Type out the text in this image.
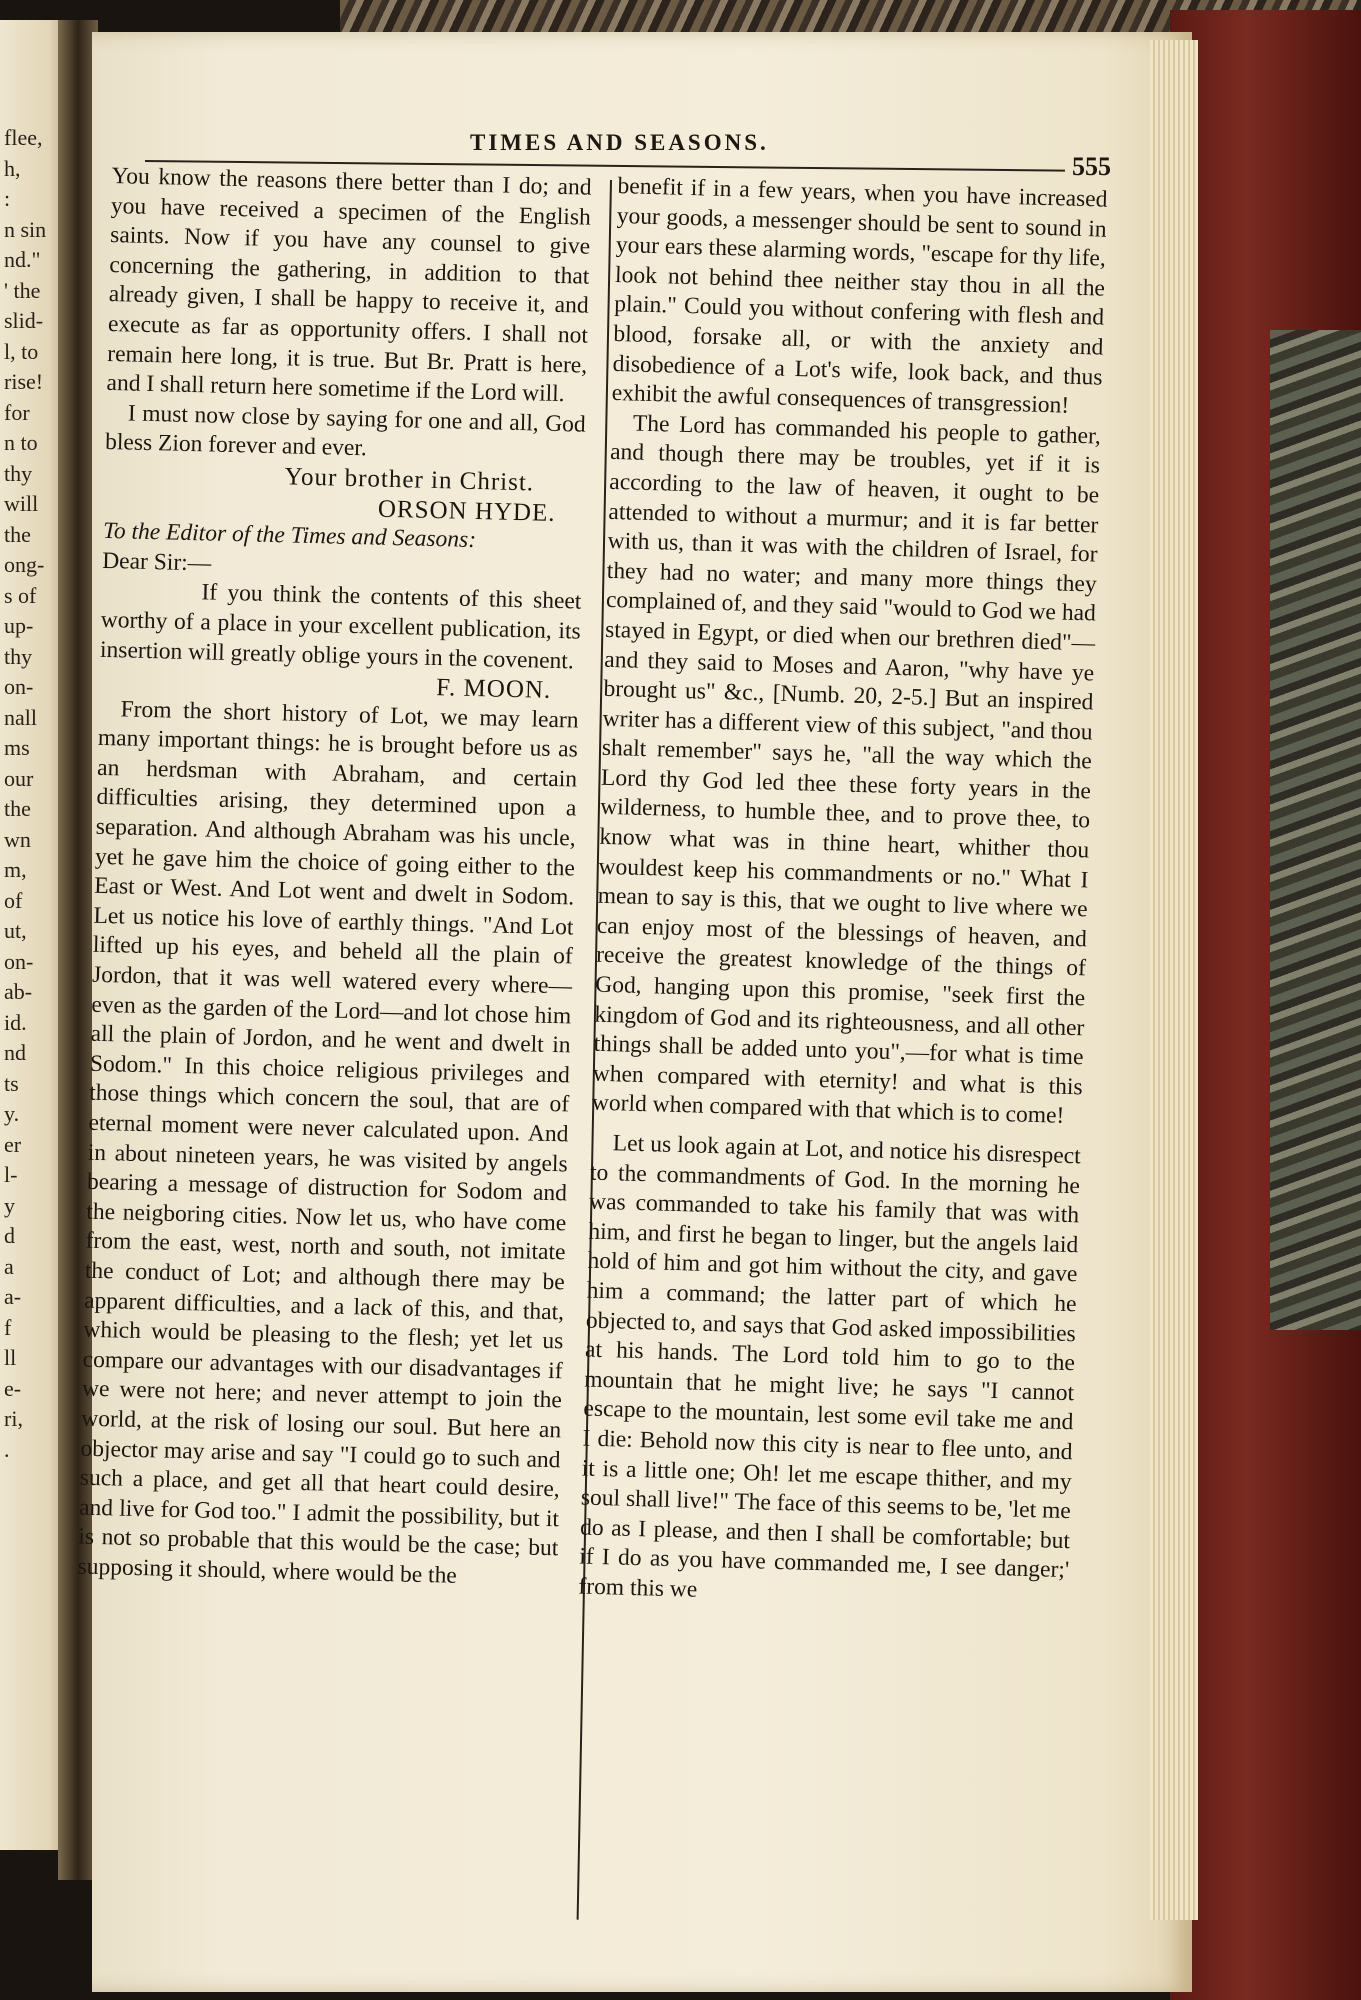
flee,
h,
:
n sin
nd."
' the
slid-
l, to
rise!
for
n to
thy
will
the
ong-
s of
up-
thy
on-
nall
ms
our
the
wn
m,
of
ut,
on-
ab-
id.
nd
ts
y.
er
l-
y
d
a
a-
f
ll
e-
ri,
.
TIMES AND SEASONS.
555

You know the reasons there better than I do; and you have received a specimen of the English saints. Now if you have any counsel to give concerning the gathering, in addition to that already given, I shall be happy to receive it, and execute as far as opportunity offers. I shall not remain here long, it is true. But Br. Pratt is here, and I shall return here sometime if the Lord will.

I must now close by saying for one and all, God bless Zion forever and ever.

Your brother in Christ.

ORSON HYDE.

To the Editor of the Times and Seasons:

Dear Sir:—

If you think the contents of this sheet worthy of a place in your excellent publication, its insertion will greatly oblige yours in the covenent.

F. MOON.

From the short history of Lot, we may learn many important things: he is brought before us as an herdsman with Abraham, and certain difficulties arising, they determined upon a separation. And although Abraham was his uncle, yet he gave him the choice of going either to the East or West. And Lot went and dwelt in Sodom. Let us notice his love of earthly things. "And Lot lifted up his eyes, and beheld all the plain of Jordon, that it was well watered every where—even as the garden of the Lord—and lot chose him all the plain of Jordon, and he went and dwelt in Sodom." In this choice religious privileges and those things which concern the soul, that are of eternal moment were never calculated upon. And in about nineteen years, he was visited by angels bearing a message of distruction for Sodom and the neigboring cities. Now let us, who have come from the east, west, north and south, not imitate the conduct of Lot; and although there may be apparent difficulties, and a lack of this, and that, which would be pleasing to the flesh; yet let us compare our advantages with our disadvantages if we were not here; and never attempt to join the world, at the risk of losing our soul. But here an objector may arise and say "I could go to such and such a place, and get all that heart could desire, and live for God too." I admit the possibility, but it is not so probable that this would be the case; but supposing it should, where would be the

benefit if in a few years, when you have increased your goods, a messenger should be sent to sound in your ears these alarming words, "escape for thy life, look not behind thee neither stay thou in all the plain." Could you without confering with flesh and blood, forsake all, or with the anxiety and disobedience of a Lot's wife, look back, and thus exhibit the awful consequences of transgression!

The Lord has commanded his people to gather, and though there may be troubles, yet if it is according to the law of heaven, it ought to be attended to without a murmur; and it is far better with us, than it was with the children of Israel, for they had no water; and many more things they complained of, and they said "would to God we had stayed in Egypt, or died when our brethren died"—and they said to Moses and Aaron, "why have ye brought us" &c., [Numb. 20, 2-5.] But an inspired writer has a different view of this subject, "and thou shalt remember" says he, "all the way which the Lord thy God led thee these forty years in the wilderness, to humble thee, and to prove thee, to know what was in thine heart, whither thou wouldest keep his commandments or no." What I mean to say is this, that we ought to live where we can enjoy most of the blessings of heaven, and receive the greatest knowledge of the things of God, hanging upon this promise, "seek first the kingdom of God and its righteousness, and all other things shall be added unto you",—for what is time when compared with eternity! and what is this world when compared with that which is to come!

Let us look again at Lot, and notice his disrespect to the commandments of God. In the morning he was commanded to take his family that was with him, and first he began to linger, but the angels laid hold of him and got him without the city, and gave him a command; the latter part of which he objected to, and says that God asked impossibilities at his hands. The Lord told him to go to the mountain that he might live; he says "I cannot escape to the mountain, lest some evil take me and I die: Behold now this city is near to flee unto, and it is a little one; Oh! let me escape thither, and my soul shall live!" The face of this seems to be, 'let me do as I please, and then I shall be comfortable; but if I do as you have commanded me, I see danger;' from this we
